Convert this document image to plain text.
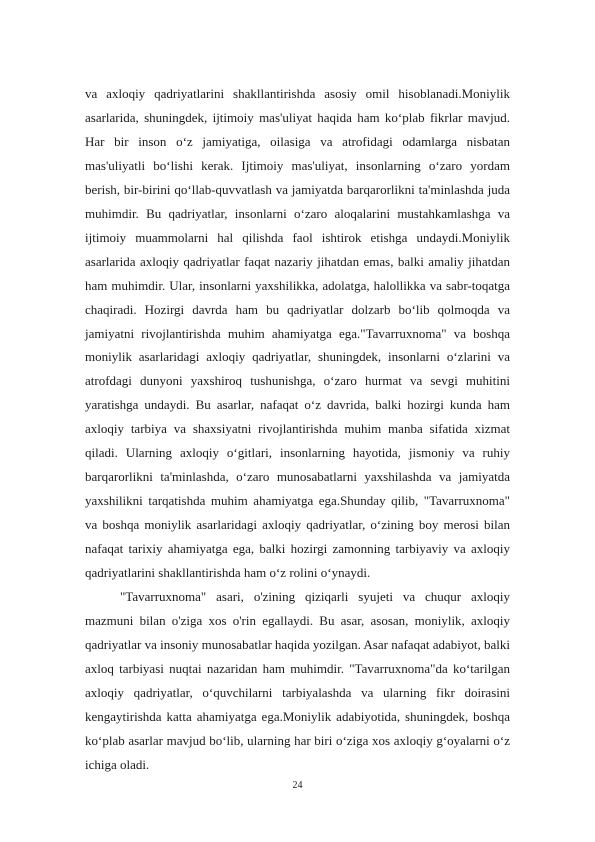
va axloqiy qadriyatlarini shakllantirishda asosiy omil hisoblanadi.Moniylik asarlarida, shuningdek, ijtimoiy mas'uliyat haqida ham ko‘plab fikrlar mavjud. Har bir inson o‘z jamiyatiga, oilasiga va atrofidagi odamlarga nisbatan mas'uliyatli bo‘lishi kerak. Ijtimoiy mas'uliyat, insonlarning o‘zaro yordam berish, bir-birini qo‘llab-quvvatlash va jamiyatda barqarorlikni ta'minlashda juda muhimdir. Bu qadriyatlar, insonlarni o‘zaro aloqalarini mustahkamlashga va ijtimoiy muammolarni hal qilishda faol ishtirok etishga undaydi.Moniylik asarlarida axloqiy qadriyatlar faqat nazariy jihatdan emas, balki amaliy jihatdan ham muhimdir. Ular, insonlarni yaxshilikka, adolatga, halollikka va sabr-toqatga chaqiradi. Hozirgi davrda ham bu qadriyatlar dolzarb bo‘lib qolmoqda va jamiyatni rivojlantirishda muhim ahamiyatga ega."Tavarruxnoma" va boshqa moniylik asarlaridagi axloqiy qadriyatlar, shuningdek, insonlarni o‘zlarini va atrofdagi dunyoni yaxshiroq tushunishga, o‘zaro hurmat va sevgi muhitini yaratishga undaydi. Bu asarlar, nafaqat o‘z davrida, balki hozirgi kunda ham axloqiy tarbiya va shaxsiyatni rivojlantirishda muhim manba sifatida xizmat qiladi. Ularning axloqiy o‘gitlari, insonlarning hayotida, jismoniy va ruhiy barqarorlikni ta'minlashda, o‘zaro munosabatlarni yaxshilashda va jamiyatda yaxshilikni tarqatishda muhim ahamiyatga ega.Shunday qilib, "Tavarruxnoma" va boshqa moniylik asarlaridagi axloqiy qadriyatlar, o‘zining boy merosi bilan nafaqat tarixiy ahamiyatga ega, balki hozirgi zamonning tarbiyaviy va axloqiy qadriyatlarini shakllantirishda ham o‘z rolini o‘ynaydi.

"Tavarruxnoma" asari, o'zining qiziqarli syujeti va chuqur axloqiy mazmuni bilan o'ziga xos o'rin egallaydi. Bu asar, asosan, moniylik, axloqiy qadriyatlar va insoniy munosabatlar haqida yozilgan. Asar nafaqat adabiyot, balki axloq tarbiyasi nuqtai nazaridan ham muhimdir. "Tavarruxnoma"da ko‘tarilgan axloqiy qadriyatlar, o‘quvchilarni tarbiyalashda va ularning fikr doirasini kengaytirishda katta ahamiyatga ega.Moniylik adabiyotida, shuningdek, boshqa ko‘plab asarlar mavjud bo‘lib, ularning har biri o‘ziga xos axloqiy g‘oyalarni o‘z ichiga oladi.

24
